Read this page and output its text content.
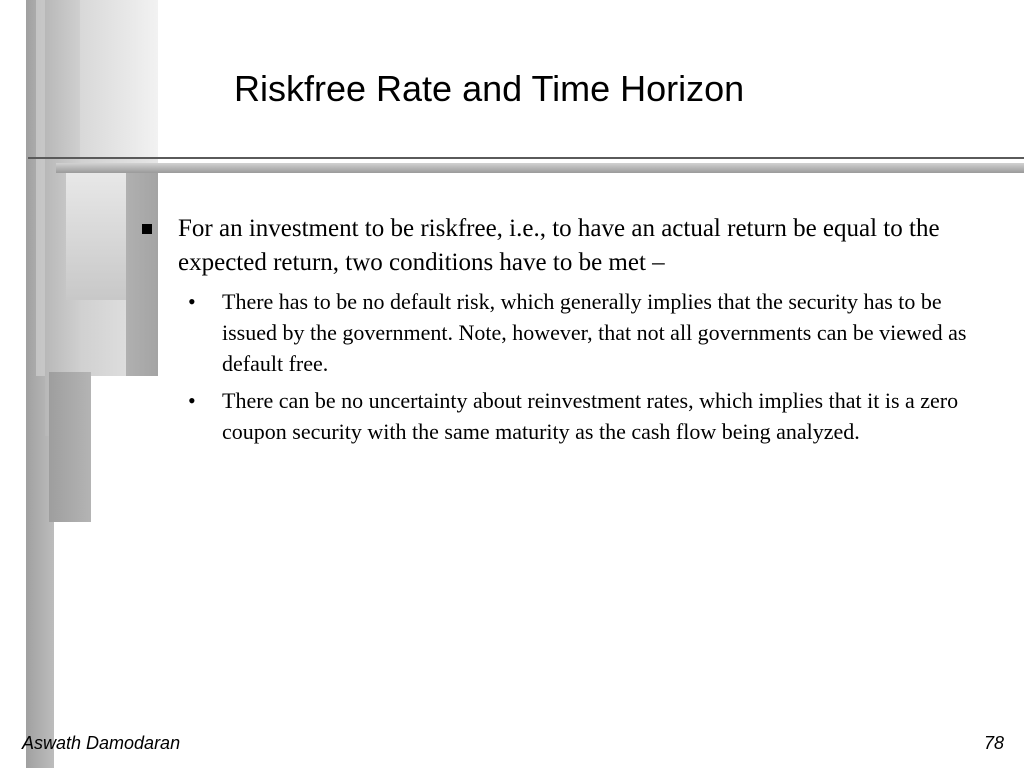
Riskfree Rate and Time Horizon
For an investment to be riskfree, i.e., to have an actual return be equal to the expected return, two conditions have to be met –
• There has to be no default risk, which generally implies that the security has to be issued by the government. Note, however, that not all governments can be viewed as default free.
• There can be no uncertainty about reinvestment rates, which implies that it is a zero coupon security with the same maturity as the cash flow being analyzed.
Aswath Damodaran	78
